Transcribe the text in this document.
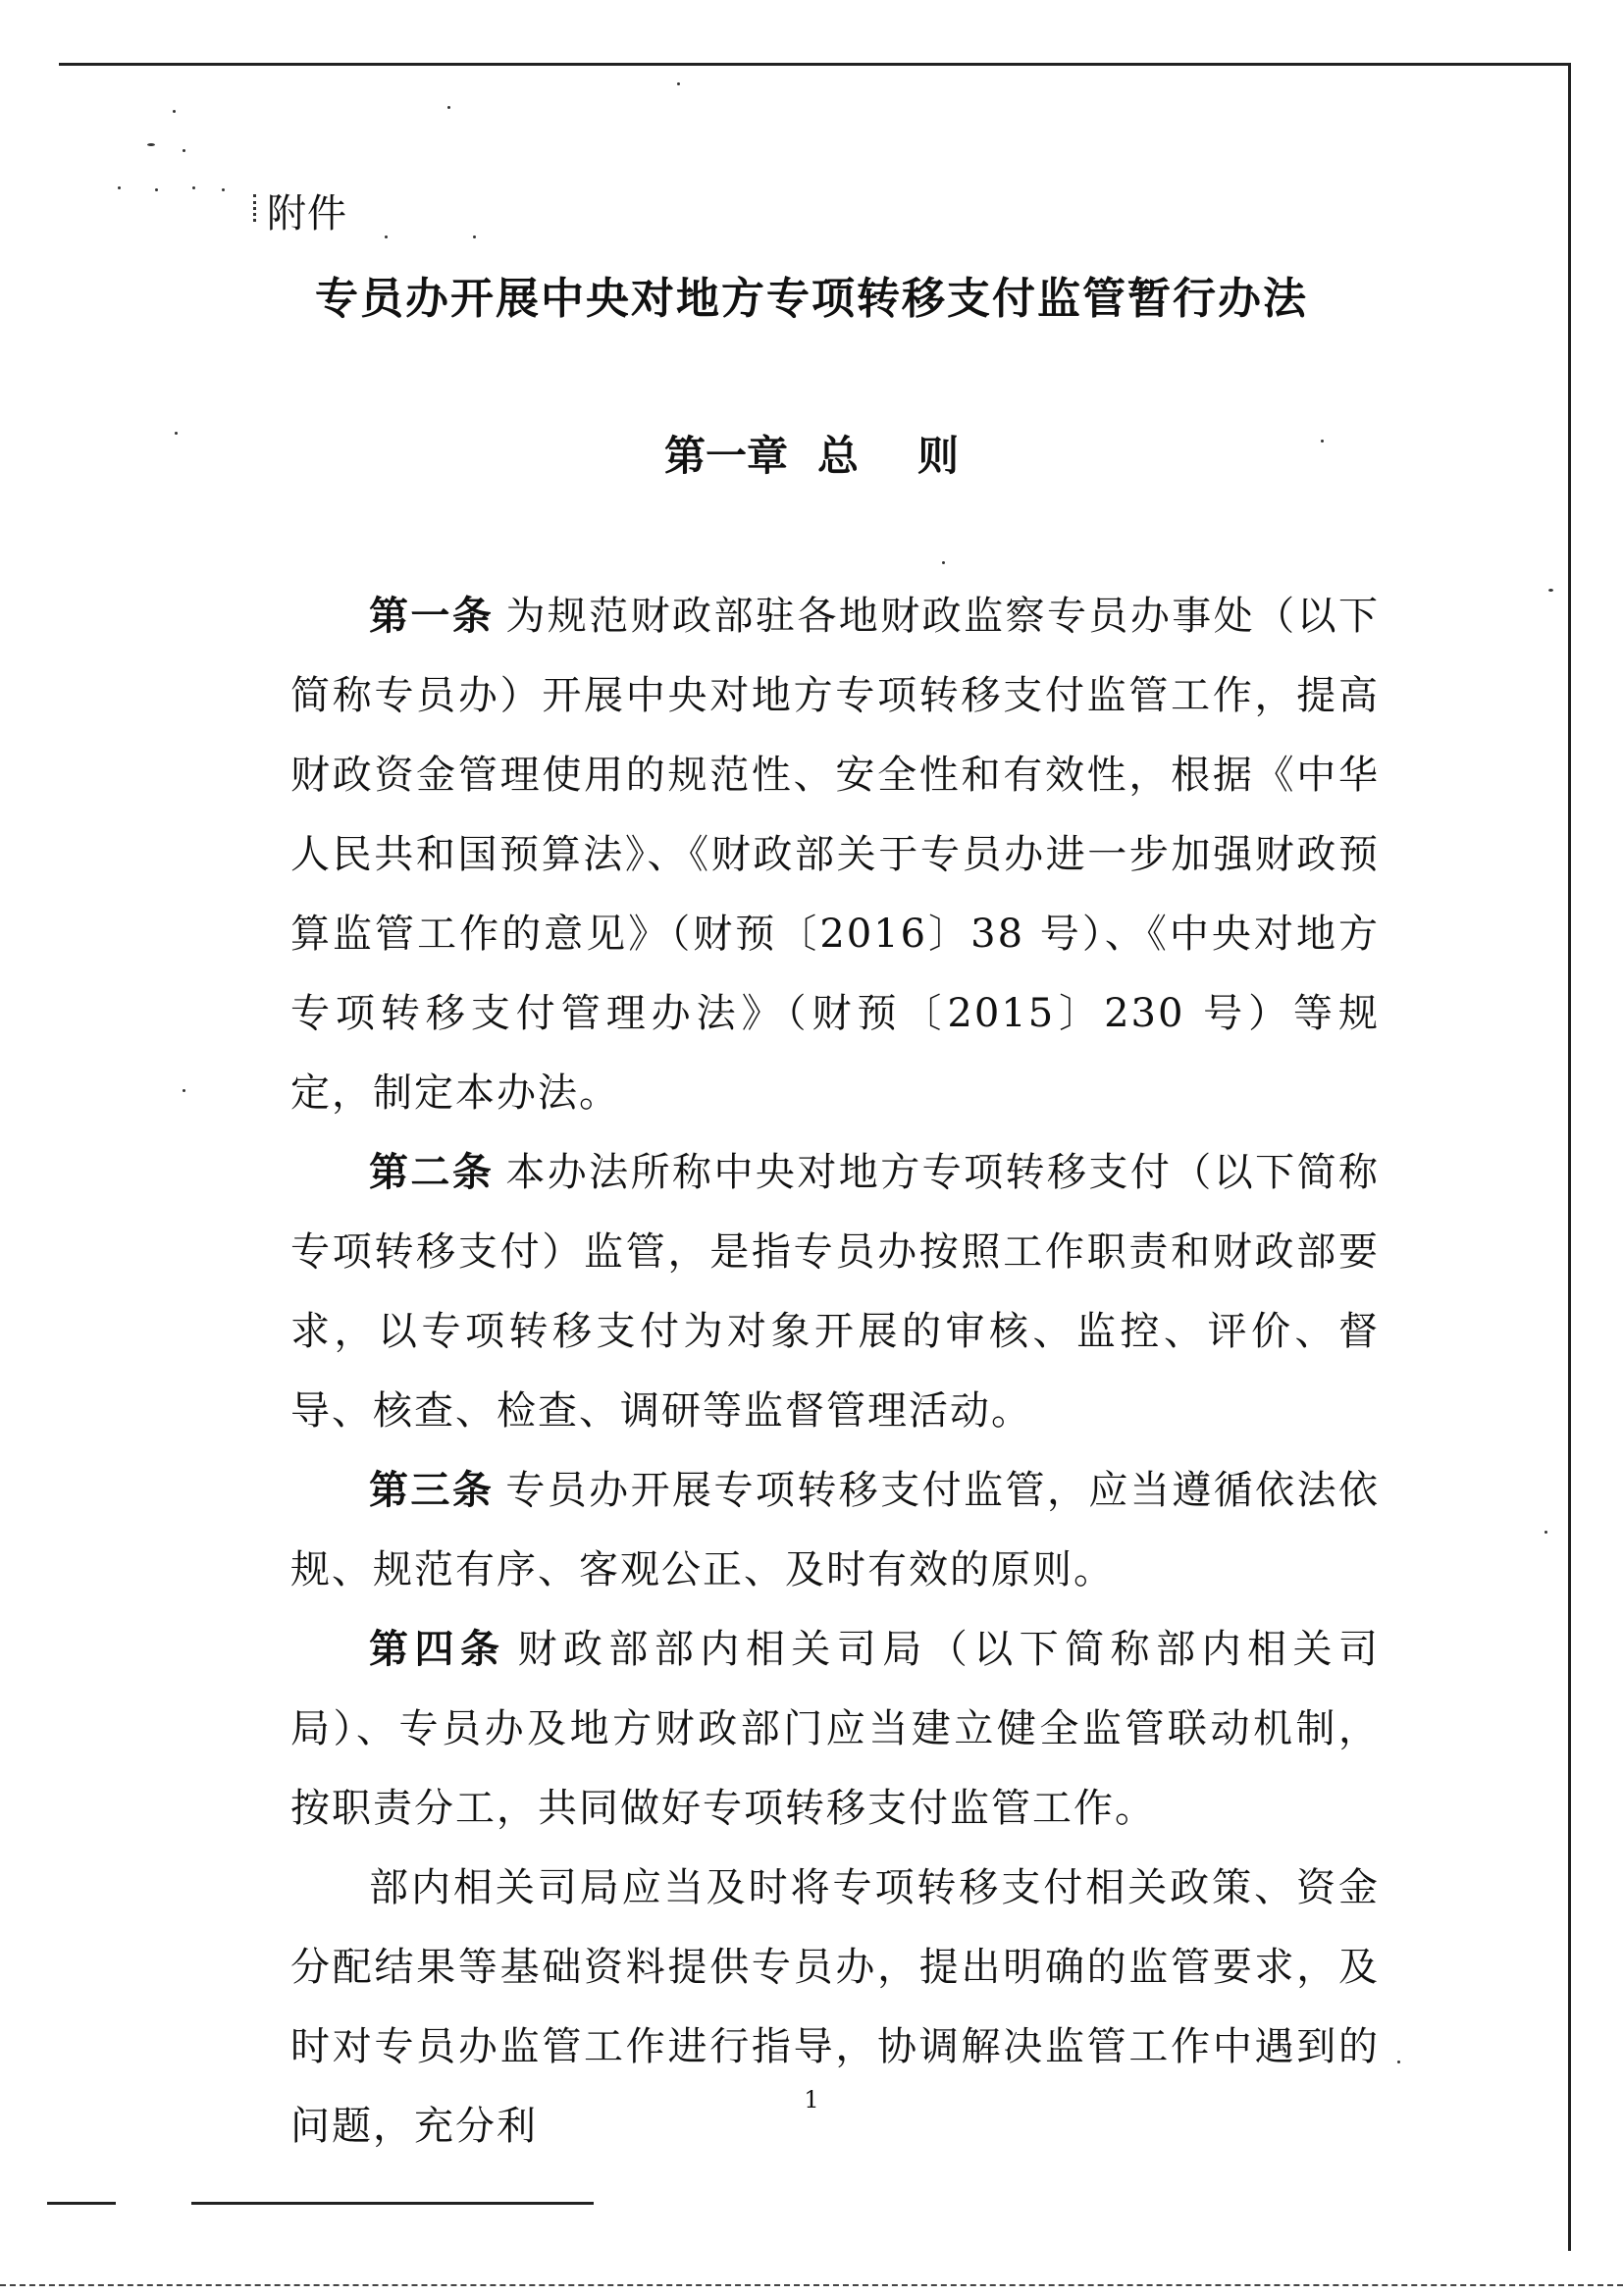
附件
专员办开展中央对地方专项转移支付监管暂行办法
第一章 总 则

第一条 为规范财政部驻各地财政监察专员办事处（以下简称专员办）开展中央对地方专项转移支付监管工作，提高财政资金管理使用的规范性、安全性和有效性，根据《中华人民共和国预算法》、《财政部关于专员办进一步加强财政预算监管工作的意见》（财预〔2016〕38 号）、《中央对地方专项转移支付管理办法》（财预〔2015〕230 号）等规定，制定本办法。

第二条 本办法所称中央对地方专项转移支付（以下简称专项转移支付）监管，是指专员办按照工作职责和财政部要求，以专项转移支付为对象开展的审核、监控、评价、督导、核查、检查、调研等监督管理活动。

第三条 专员办开展专项转移支付监管，应当遵循依法依规、规范有序、客观公正、及时有效的原则。

第四条 财政部部内相关司局（以下简称部内相关司局）、专员办及地方财政部门应当建立健全监管联动机制，按职责分工，共同做好专项转移支付监管工作。

部内相关司局应当及时将专项转移支付相关政策、资金分配结果等基础资料提供专员办，提出明确的监管要求，及时对专员办监管工作进行指导，协调解决监管工作中遇到的问题，充分利

1
